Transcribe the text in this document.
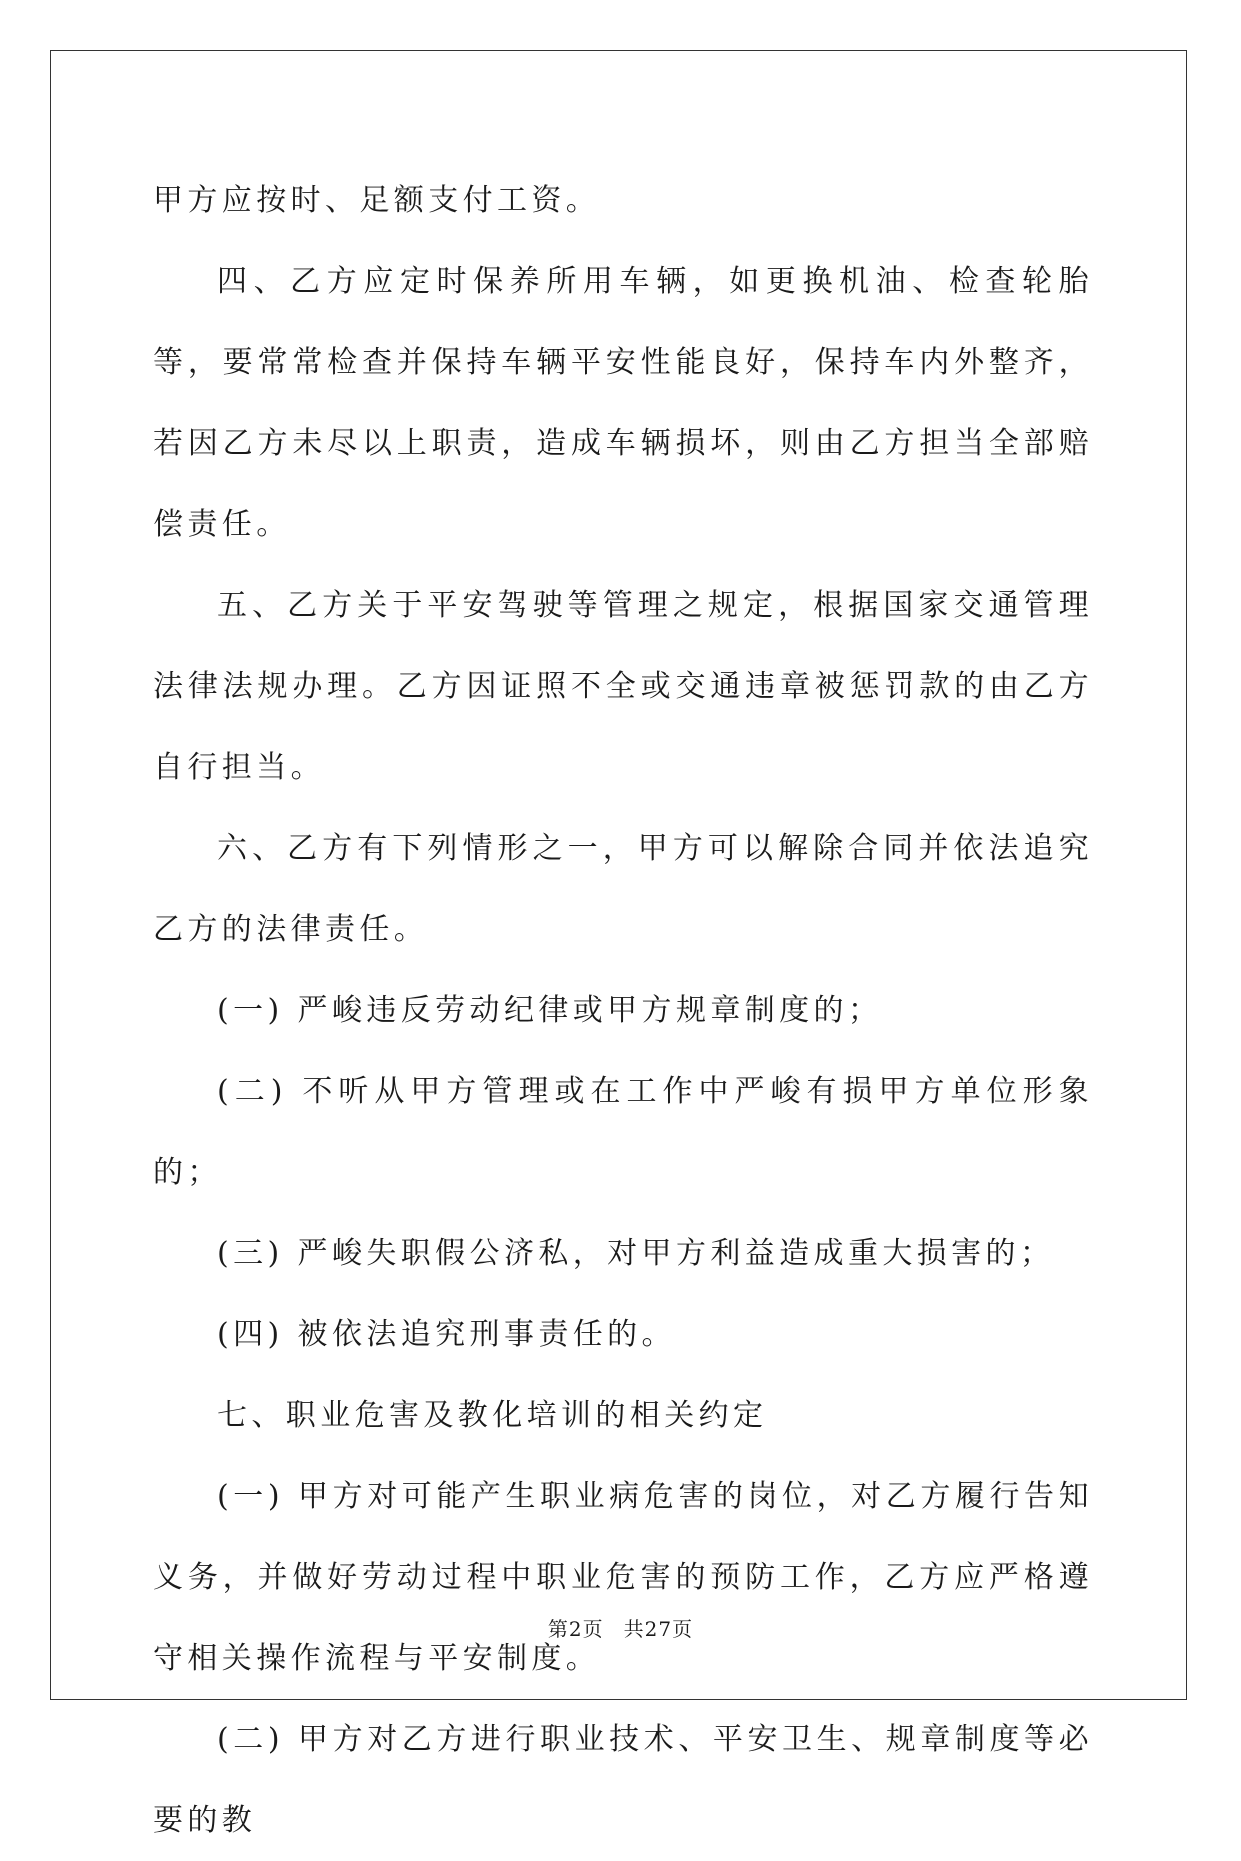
甲方应按时、足额支付工资。

四、乙方应定时保养所用车辆，如更换机油、检查轮胎等，要常常检查并保持车辆平安性能良好，保持车内外整齐，若因乙方未尽以上职责，造成车辆损坏，则由乙方担当全部赔偿责任。

五、乙方关于平安驾驶等管理之规定，根据国家交通管理法律法规办理。乙方因证照不全或交通违章被惩罚款的由乙方自行担当。

六、乙方有下列情形之一，甲方可以解除合同并依法追究乙方的法律责任。

(一) 严峻违反劳动纪律或甲方规章制度的；

(二) 不听从甲方管理或在工作中严峻有损甲方单位形象的；

(三) 严峻失职假公济私，对甲方利益造成重大损害的；

(四) 被依法追究刑事责任的。

七、职业危害及教化培训的相关约定

(一) 甲方对可能产生职业病危害的岗位，对乙方履行告知义务，并做好劳动过程中职业危害的预防工作，乙方应严格遵守相关操作流程与平安制度。

(二) 甲方对乙方进行职业技术、平安卫生、规章制度等必要的教

第2页 共27页
